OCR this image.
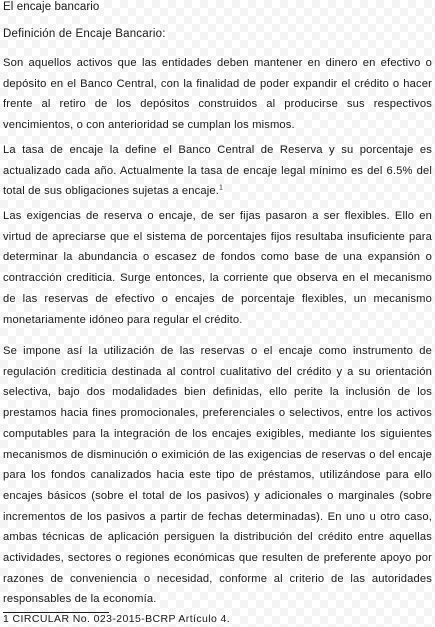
El encaje bancario
Definición de Encaje Bancario:

Son aquellos activos que las entidades deben mantener en dinero en efectivo o depósito en el Banco Central, con la finalidad de poder expandir el crédito o hacer frente al retiro de los depósitos construidos al producirse sus respectivos vencimientos, o con anterioridad se cumplan los mismos.

La tasa de encaje la define el Banco Central de Reserva y su porcentaje es actualizado cada año. Actualmente la tasa de encaje legal mínimo es del 6.5% del total de sus obligaciones sujetas a encaje.$^1$

Las exigencias de reserva o encaje, de ser fijas pasaron a ser flexibles. Ello en virtud de apreciarse que el sistema de porcentajes fijos resultaba insuficiente para determinar la abundancia o escasez de fondos como base de una expansión o contracción crediticia. Surge entonces, la corriente que observa en el mecanismo de las reservas de efectivo o encajes de porcentaje flexibles, un mecanismo monetariamente idóneo para regular el crédito.

Se impone así la utilización de las reservas o el encaje como instrumento de regulación crediticia destinada al control cualitativo del crédito y a su orientación selectiva, bajo dos modalidades bien definidas, ello perite la inclusión de los prestamos hacia fines promocionales, preferenciales o selectivos, entre los activos computables para la integración de los encajes exigibles, mediante los siguientes mecanismos de disminución o eximición de las exigencias de reservas o del encaje para los fondos canalizados hacia este tipo de préstamos, utilizándose para ello encajes básicos (sobre el total de los pasivos) y adicionales o marginales (sobre incrementos de los pasivos a partir de fechas determinadas). En uno u otro caso, ambas técnicas de aplicación persiguen la distribución del crédito entre aquellas actividades, sectores o regiones económicas que resulten de preferente apoyo por razones de conveniencia o necesidad, conforme al criterio de las autoridades responsables de la economía.

1 CIRCULAR No. 023-2015-BCRP Artículo 4.
